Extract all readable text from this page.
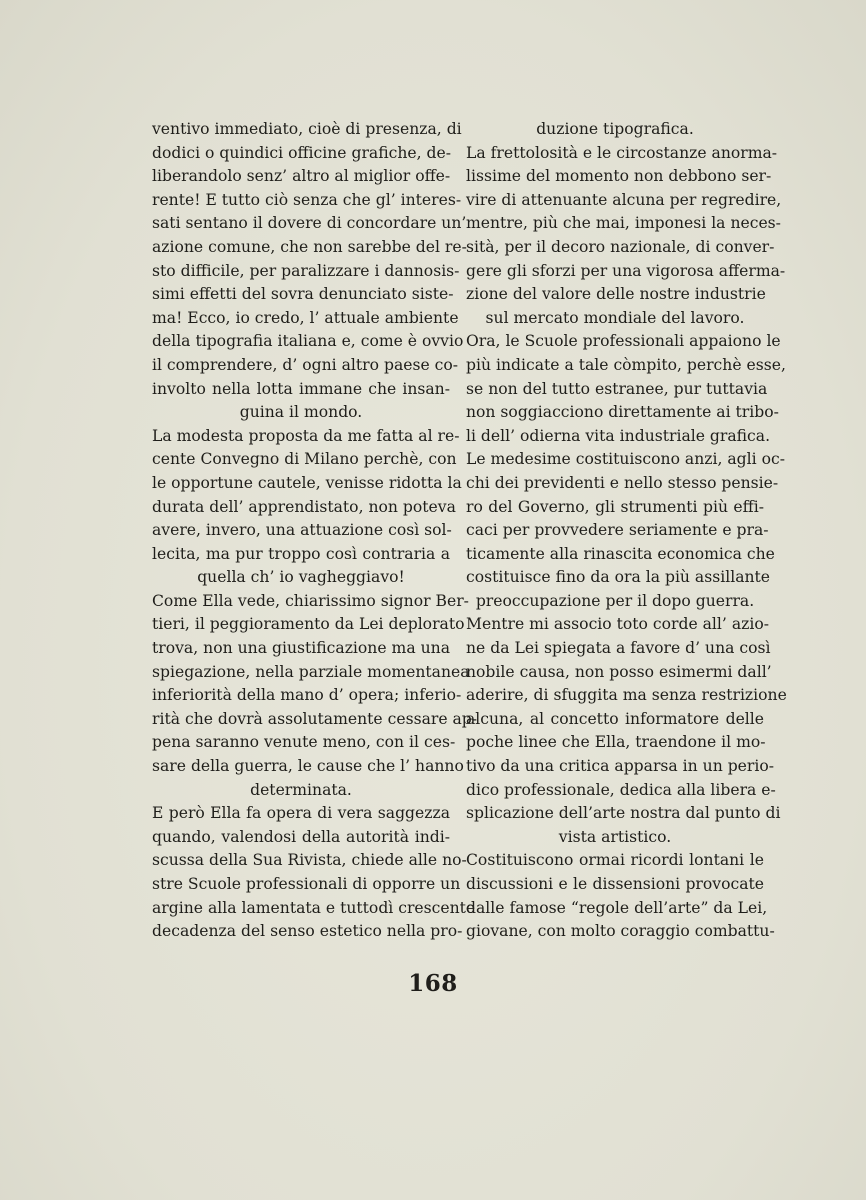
ventivo immediato, cioè di presenza, di
dodici o quindici officine grafiche, de-
liberandolo senz’ altro al miglior offe-
rente! E tutto ciò senza che gl’ interes-
sati sentano il dovere di concordare un’
azione comune, che non sarebbe del re-
sto difficile, per paralizzare i dannosis-
simi effetti del sovra denunciato siste-
ma! Ecco, io credo, l’ attuale ambiente
della tipografia italiana e, come è ovvio
il comprendere, d’ ogni altro paese co-
involto nella lotta immane che insan-
guina il mondo.
La modesta proposta da me fatta al re-
cente Convegno di Milano perchè, con
le opportune cautele, venisse ridotta la
durata dell’ apprendistato, non poteva
avere, invero, una attuazione così sol-
lecita, ma pur troppo così contraria a
quella ch’ io vagheggiavo!
Come Ella vede, chiarissimo signor Ber-
tieri, il peggioramento da Lei deplorato
trova, non una giustificazione ma una
spiegazione, nella parziale momentanea
inferiorità della mano d’ opera; inferio-
rità che dovrà assolutamente cessare ap-
pena saranno venute meno, con il ces-
sare della guerra, le cause che l’ hanno
determinata.
E però Ella fa opera di vera saggezza
quando, valendosi della autorità indi-
scussa della Sua Rivista, chiede alle no-
stre Scuole professionali di opporre un
argine alla lamentata e tuttodì crescente
decadenza del senso estetico nella pro-
duzione tipografica.
La frettolosità e le circostanze anorma-
lissime del momento non debbono ser-
vire di attenuante alcuna per regredire,
mentre, più che mai, imponesi la neces-
sità, per il decoro nazionale, di conver-
gere gli sforzi per una vigorosa afferma-
zione del valore delle nostre industrie
sul mercato mondiale del lavoro.
Ora, le Scuole professionali appaiono le
più indicate a tale còmpito, perchè esse,
se non del tutto estranee, pur tuttavia
non soggiacciono direttamente ai tribo-
li dell’ odierna vita industriale grafica.
Le medesime costituiscono anzi, agli oc-
chi dei previdenti e nello stesso pensie-
ro del Governo, gli strumenti più effi-
caci per provvedere seriamente e pra-
ticamente alla rinascita economica che
costituisce fino da ora la più assillante
preoccupazione per il dopo guerra.
Mentre mi associo toto corde all’ azio-
ne da Lei spiegata a favore d’ una così
nobile causa, non posso esimermi dall’
aderire, di sfuggita ma senza restrizione
alcuna, al concetto informatore delle
poche linee che Ella, traendone il mo-
tivo da una critica apparsa in un perio-
dico professionale, dedica alla libera e-
splicazione dell’arte nostra dal punto di
vista artistico.
Costituiscono ormai ricordi lontani le
discussioni e le dissensioni provocate
dalle famose “regole dell’arte” da Lei,
giovane, con molto coraggio combattu-
168
